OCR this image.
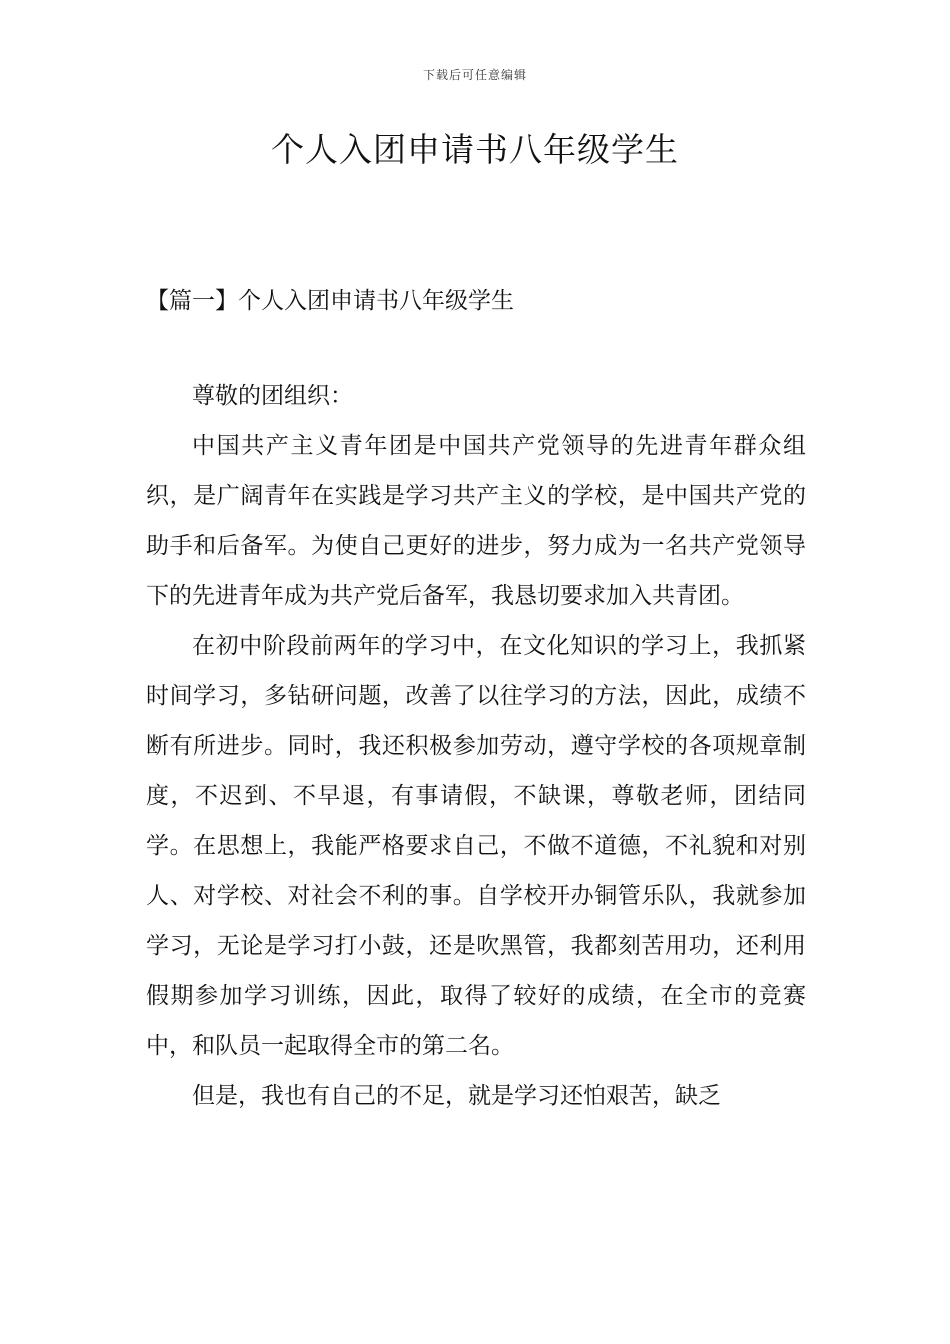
下载后可任意编辑
个人入团申请书八年级学生
【篇一】个人入团申请书八年级学生

尊敬的团组织：

中国共产主义青年团是中国共产党领导的先进青年群众组织，是广阔青年在实践是学习共产主义的学校，是中国共产党的助手和后备军。为使自己更好的进步，努力成为一名共产党领导下的先进青年成为共产党后备军，我恳切要求加入共青团。

在初中阶段前两年的学习中，在文化知识的学习上，我抓紧时间学习，多钻研问题，改善了以往学习的方法，因此，成绩不断有所进步。同时，我还积极参加劳动，遵守学校的各项规章制度，不迟到、不早退，有事请假，不缺课，尊敬老师，团结同学。在思想上，我能严格要求自己，不做不道德，不礼貌和对别人、对学校、对社会不利的事。自学校开办铜管乐队，我就参加学习，无论是学习打小鼓，还是吹黑管，我都刻苦用功，还利用假期参加学习训练，因此，取得了较好的成绩，在全市的竞赛中，和队员一起取得全市的第二名。

但是，我也有自己的不足，就是学习还怕艰苦，缺乏
